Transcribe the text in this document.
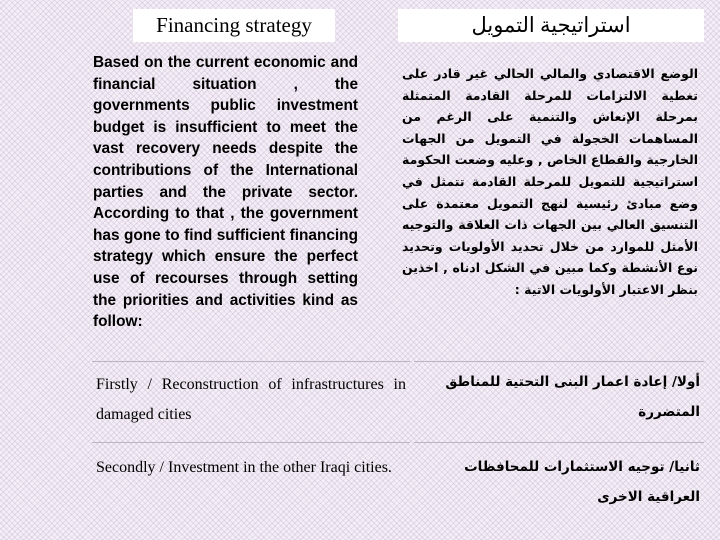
Financing strategy	استراتيجية التمويل

Based on the current economic and financial situation , the governments public investment budget is insufficient to meet the vast recovery needs despite the contributions of the International parties and the private sector. According to that , the government has gone to find sufficient financing strategy which ensure the perfect use of recourses through setting the priorities and activities kind as follow:

الوضع الاقتصادي والمالي الحالي غير قادر على تغطية الالتزامات للمرحلة القادمة المتمثلة بمرحلة الإنعاش والتنمية على الرغم من المساهمات الخجولة في التمويل من الجهات الخارجية والقطاع الخاص , وعليه وضعت الحكومة استراتيجية للتمويل للمرحلة القادمة تتمثل في وضع مبادئ رئيسية لنهج التمويل معتمدة على التنسيق العالي بين الجهات ذات العلاقة والتوجيه الأمثل للموارد من خلال تحديد الأولويات وتحديد نوع الأنشطة وكما مبين في الشكل ادناه , اخذين بنظر الاعتبار الأولويات الاتية :

Firstly / Reconstruction of infrastructures in damaged cities

أولا/ إعادة اعمار البنى التحتية للمناطق
المتضررة

Secondly / Investment in the other Iraqi cities.	ثانيا/ توجيه الاستثمارات للمحافظات
العراقية الاخرى
